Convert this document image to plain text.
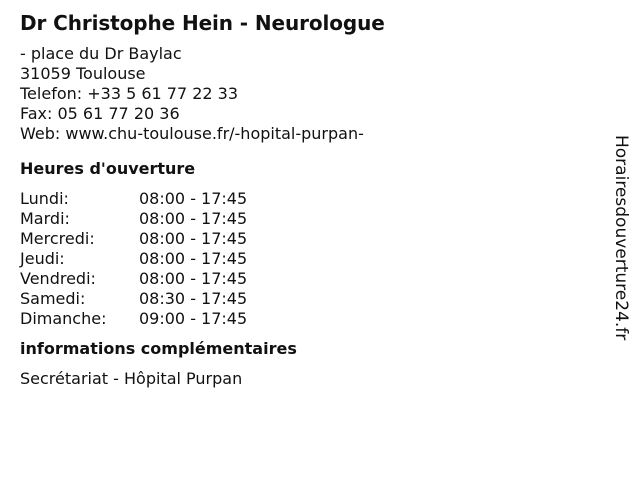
Dr Christophe Hein - Neurologue
- place du Dr Baylac
31059 Toulouse
Telefon: +33 5 61 77 22 33
Fax: 05 61 77 20 36
Web: www.chu-toulouse.fr/-hopital-purpan-
Heures d'ouverture
Lundi:	08:00 - 17:45
Mardi:	08:00 - 17:45
Mercredi:	08:00 - 17:45
Jeudi:	08:00 - 17:45
Vendredi:	08:00 - 17:45
Samedi:	08:30 - 17:45
Dimanche:	09:00 - 17:45
informations complémentaires
Secrétariat - Hôpital Purpan
Horairesdouverture24.fr
